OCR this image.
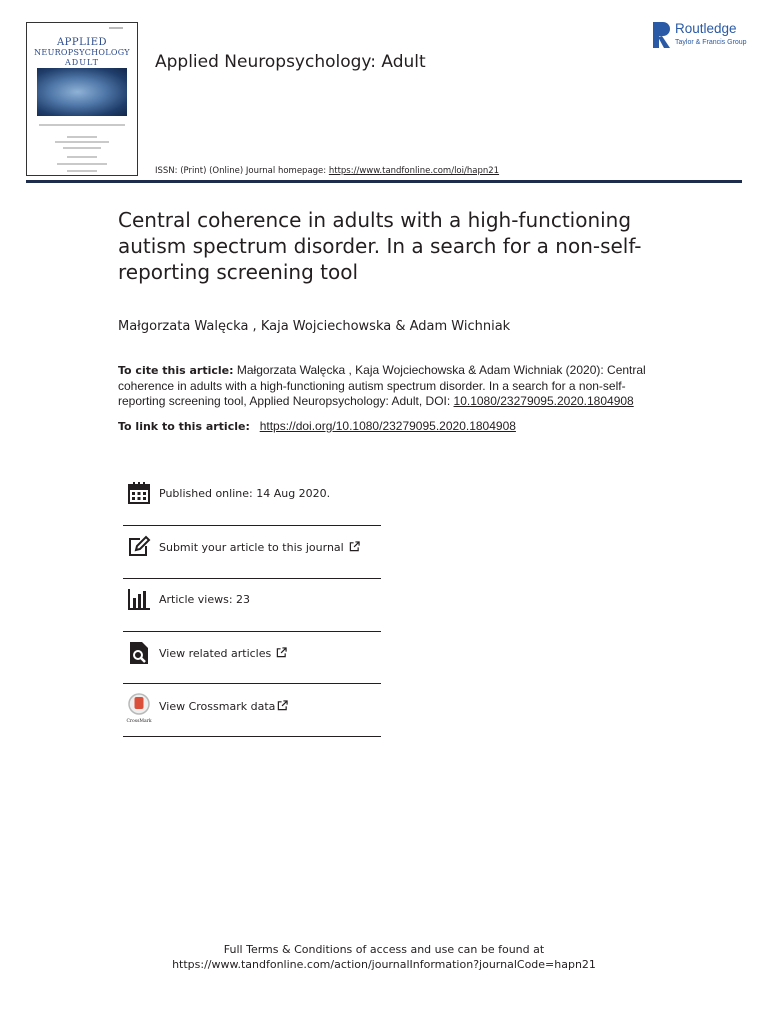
APPLIED
NEUROPSYCHOLOGY
ADULT	Applied Neuropsychology: Adult
Routledge
Taylor & Francis Group
ISSN: (Print) (Online) Journal homepage: https://www.tandfonline.com/loi/hapn21
Central coherence in adults with a high-functioning autism spectrum disorder. In a search for a non-self-reporting screening tool
Małgorzata Walęcka , Kaja Wojciechowska & Adam Wichniak
To cite this article: Małgorzata Walęcka , Kaja Wojciechowska & Adam Wichniak (2020): Central coherence in adults with a high-functioning autism spectrum disorder. In a search for a non-self-reporting screening tool, Applied Neuropsychology: Adult, DOI: 10.1080/23279095.2020.1804908
To link to this article: https://doi.org/10.1080/23279095.2020.1804908
Published online: 14 Aug 2020.
Submit your article to this journal
Article views: 23
View related articles
CrossMark
View Crossmark data
Full Terms & Conditions of access and use can be found at
https://www.tandfonline.com/action/journalInformation?journalCode=hapn21
